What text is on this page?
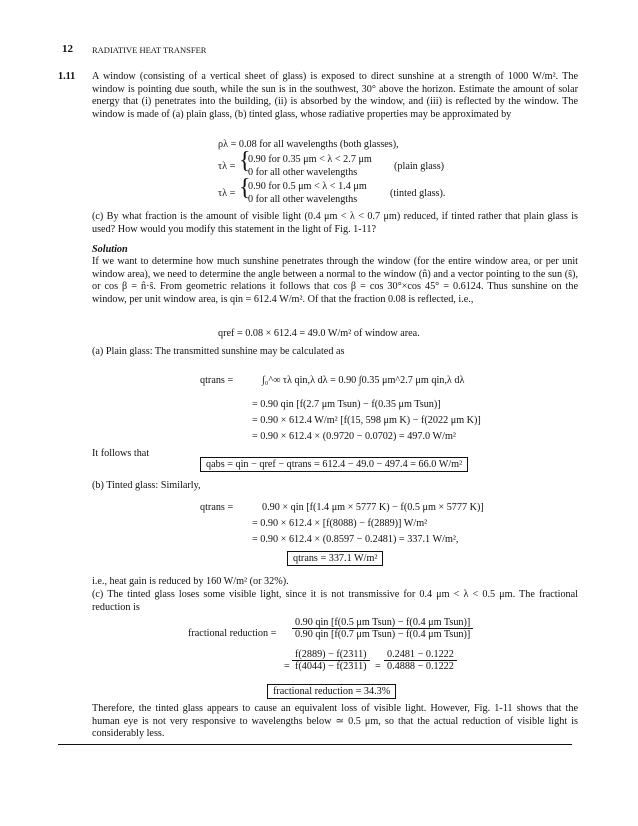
12 RADIATIVE HEAT TRANSFER
1.11 A window (consisting of a vertical sheet of glass) is exposed to direct sunshine at a strength of 1000 W/m². The window is pointing due south, while the sun is in the southwest, 30° above the horizon. Estimate the amount of solar energy that (i) penetrates into the building, (ii) is absorbed by the window, and (iii) is reflected by the window. The window is made of (a) plain glass, (b) tinted glass, whose radiative properties may be approximated by
ρλ = 0.08 for all wavelengths (both glasses),
τλ = {
0.90 for 0.35 μm < λ < 2.7 μm
0 for all other wavelengths
(plain glass)
τλ = {
0.90 for 0.5 μm < λ < 1.4 μm
0 for all other wavelengths
(tinted glass).
(c) By what fraction is the amount of visible light (0.4 μm < λ < 0.7 μm) reduced, if tinted rather that plain glass is used? How would you modify this statement in the light of Fig. 1-11?
Solution
If we want to determine how much sunshine penetrates through the window (for the entire window area, or per unit window area), we need to determine the angle between a normal to the window (n̂) and a vector pointing to the sun (ŝ), or cos β = n̂·ŝ. From geometric relations it follows that cos β = cos 30°×cos 45° = 0.6124. Thus sunshine on the window, per unit window area, is qin = 612.4 W/m². Of that the fraction 0.08 is reflected, i.e.,
qref = 0.08 × 612.4 = 49.0 W/m² of window area.
(a) Plain glass: The transmitted sunshine may be calculated as
qtrans =	∫₀^∞ τλ qin,λ dλ = 0.90 ∫0.35 μm^2.7 μm qin,λ dλ
= 0.90 qin [f(2.7 μm Tsun) − f(0.35 μm Tsun)]
= 0.90 × 612.4 W/m² [f(15, 598 μm K) − f(2022 μm K)]
= 0.90 × 612.4 × (0.9720 − 0.0702) = 497.0 W/m²
It follows that
qabs = qin − qref − qtrans = 612.4 − 49.0 − 497.4 = 66.0 W/m²
(b) Tinted glass: Similarly,
qtrans =	0.90 × qin [f(1.4 μm × 5777 K) − f(0.5 μm × 5777 K)]
= 0.90 × 612.4 × [f(8088) − f(2889)] W/m²
= 0.90 × 612.4 × (0.8597 − 0.2481) = 337.1 W/m²,
qtrans = 337.1 W/m²
i.e., heat gain is reduced by 160 W/m² (or 32%).
(c) The tinted glass loses some visible light, since it is not transmissive for 0.4 μm < λ < 0.5 μm. The fractional reduction is
fractional reduction = $\frac{\text{0.90 qin [f(0.5 μm Tsun) − f(0.4 μm Tsun)]}}{\text{0.90 qin [f(0.7 μm Tsun) − f(0.4 μm Tsun)]}}$
= $\frac{f(2889) - f(2311)}{f(4044) - f(2311)} = \frac{0.2481 - 0.1222}{0.4888 - 0.1222}$
fractional reduction = 34.3%
Therefore, the tinted glass appears to cause an equivalent loss of visible light. However, Fig. 1-11 shows that the human eye is not very responsive to wavelengths below ≃ 0.5 μm, so that the actual reduction of visible light is considerably less.
